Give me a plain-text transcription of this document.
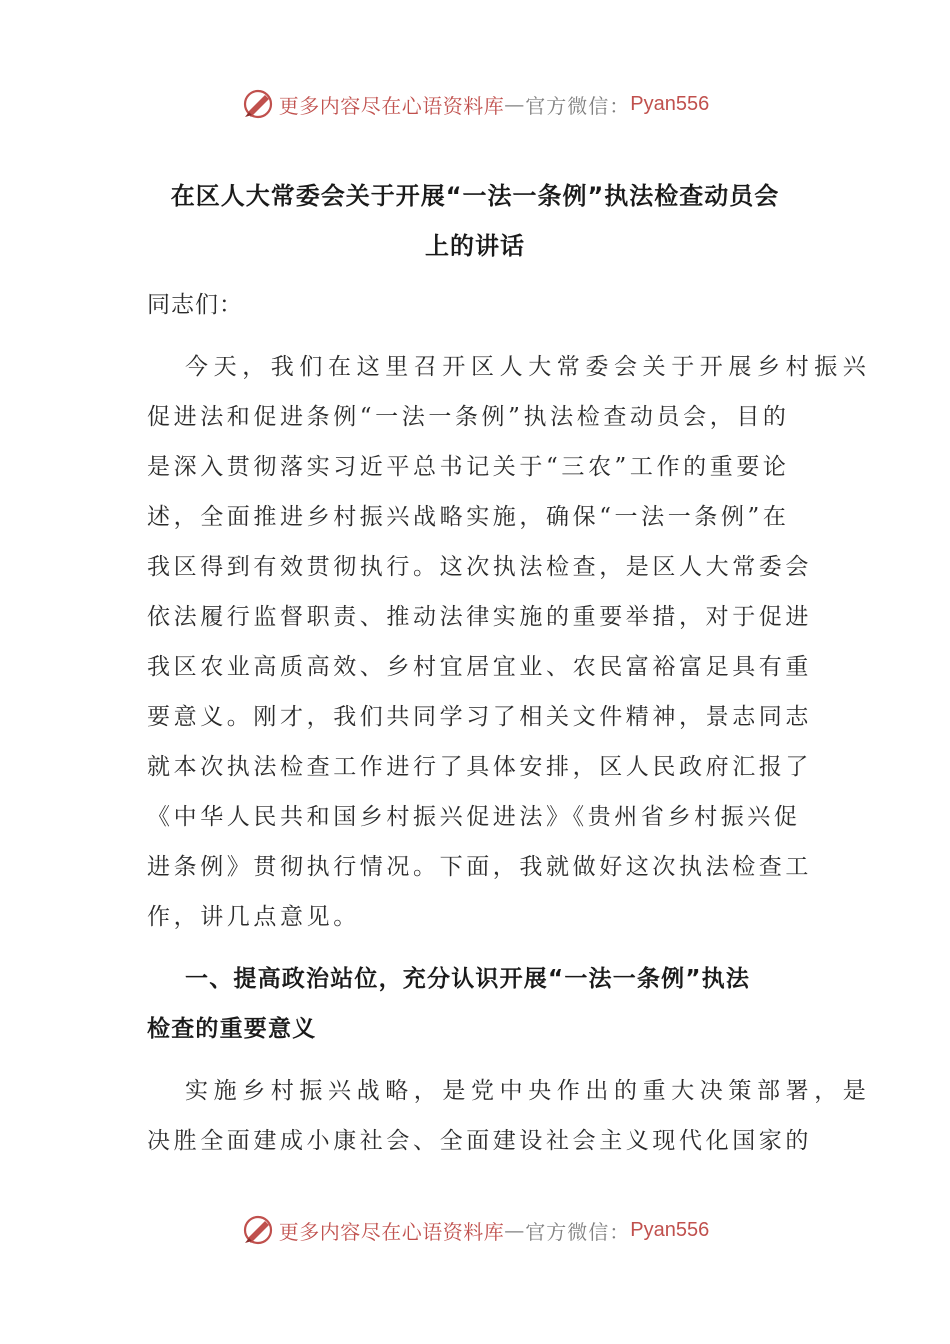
更多内容尽在心语资料库 — 官方微信： Pyan556
在区人大常委会关于开展“一法一条例”执法检查动员会
上的讲话
同志们：
今天，我们在这里召开区人大常委会关于开展乡村振兴
促进法和促进条例“一法一条例”执法检查动员会，目的
是深入贯彻落实习近平总书记关于“三农”工作的重要论
述，全面推进乡村振兴战略实施，确保“一法一条例”在
我区得到有效贯彻执行。这次执法检查，是区人大常委会
依法履行监督职责、推动法律实施的重要举措，对于促进
我区农业高质高效、乡村宜居宜业、农民富裕富足具有重
要意义。刚才，我们共同学习了相关文件精神，景志同志
就本次执法检查工作进行了具体安排，区人民政府汇报了
《中华人民共和国乡村振兴促进法》《贵州省乡村振兴促
进条例》贯彻执行情况。下面，我就做好这次执法检查工
作，讲几点意见。
一、提高政治站位，充分认识开展“一法一条例”执法
检查的重要意义
实施乡村振兴战略，是党中央作出的重大决策部署，是
决胜全面建成小康社会、全面建设社会主义现代化国家的
更多内容尽在心语资料库 — 官方微信： Pyan556
